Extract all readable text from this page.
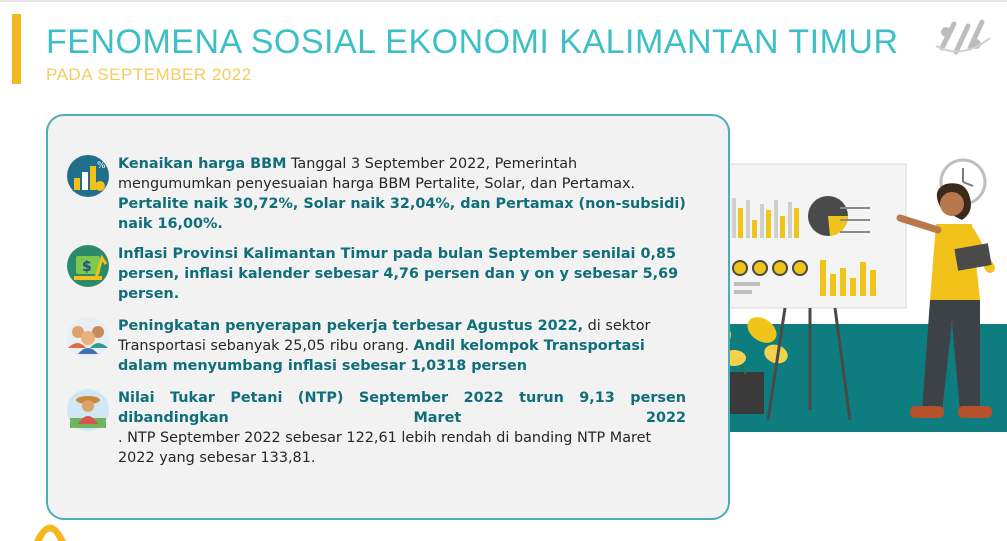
FENOMENA SOSIAL EKONOMI KALIMANTAN TIMUR
PADA SEPTEMBER 2022
% Kenaikan harga BBM Tanggal 3 September 2022, Pemerintah mengumumkan penyesuaian harga BBM Pertalite, Solar, dan Pertamax. Pertalite naik 30,72%, Solar naik 32,04%, dan Pertamax (non-subsidi) naik 16,00%.
$
Inflasi Provinsi Kalimantan Timur pada bulan September senilai 0,85 persen, inflasi kalender sebesar 4,76 persen dan y on y sebesar 5,69 persen.
Peningkatan penyerapan pekerja terbesar Agustus 2022, di sektor Transportasi sebanyak 25,05 ribu orang. Andil kelompok Transportasi dalam menyumbang inflasi sebesar 1,0318 persen
Nilai Tukar Petani (NTP) September 2022 turun 9,13 persen dibandingkan Maret 2022
. NTP September 2022 sebesar 122,61 lebih rendah di banding NTP Maret 2022 yang sebesar 133,81.
